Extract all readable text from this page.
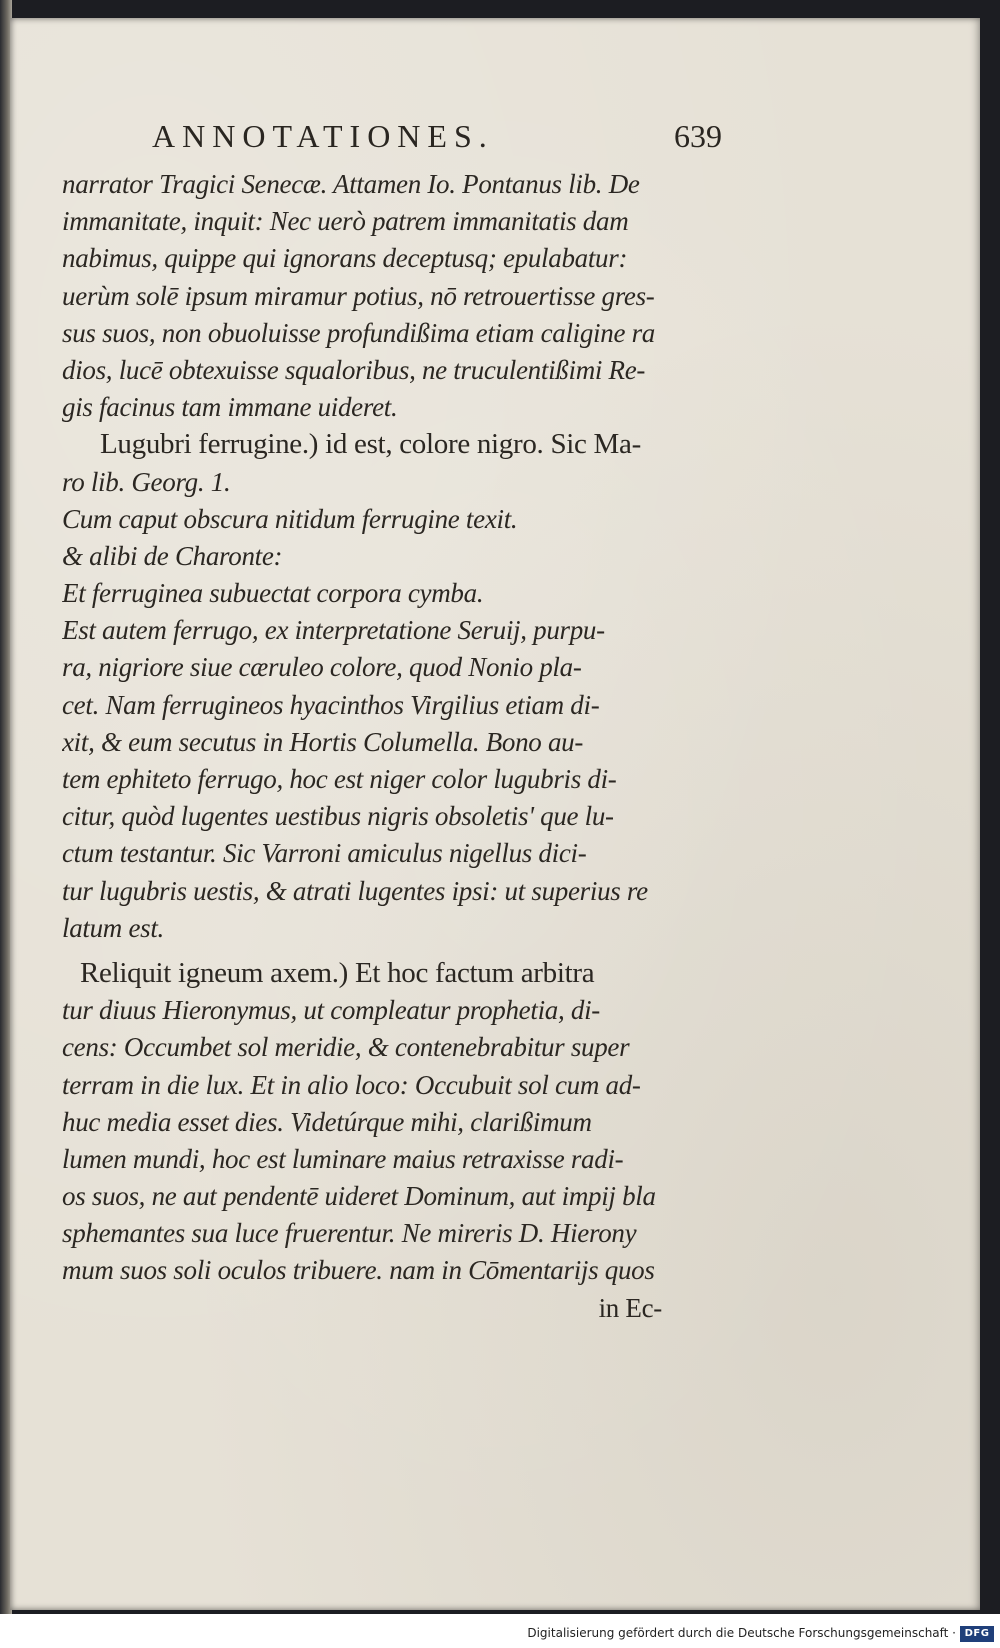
ANNOTATIONES.	639
narrator Tragici Senecæ. Attamen Io. Pontanus lib. De
immanitate, inquit: Nec uerò patrem immanitatis dam
nabimus, quippe qui ignorans deceptusq; epulabatur:
uerùm solē ipsum miramur potius, nō retrouertisse gres-
sus suos, non obuoluisse profundißima etiam caligine ra
dios, lucē obtexuisse squaloribus, ne truculentißimi Re-
gis facinus tam immane uideret.
Lugubri ferrugine.) id est, colore nigro. Sic Ma-
ro lib. Georg. 1.
Cum caput obscura nitidum ferrugine texit.
& alibi de Charonte:
Et ferruginea subuectat corpora cymba.
Est autem ferrugo, ex interpretatione Seruij, purpu-
ra, nigriore siue cæruleo colore, quod Nonio pla-
cet. Nam ferrugineos hyacinthos Virgilius etiam di-
xit, & eum secutus in Hortis Columella. Bono au-
tem ephiteto ferrugo, hoc est niger color lugubris di-
citur, quòd lugentes uestibus nigris obsoletis' que lu-
ctum testantur. Sic Varroni amiculus nigellus dici-
tur lugubris uestis, & atrati lugentes ipsi: ut superius re
latum est.
Reliquit igneum axem.) Et hoc factum arbitra
tur diuus Hieronymus, ut compleatur prophetia, di-
cens: Occumbet sol meridie, & contenebrabitur super
terram in die lux. Et in alio loco: Occubuit sol cum ad-
huc media esset dies. Videtúrque mihi, clarißimum
lumen mundi, hoc est luminare maius retraxisse radi-
os suos, ne aut pendentē uideret Dominum, aut impij bla
sphemantes sua luce fruerentur. Ne mireris D. Hierony
mum suos soli oculos tribuere. nam in Cōmentarijs quos
in Ec-
Digitalisierung gefördert durch die Deutsche Forschungsgemeinschaft · DFG
